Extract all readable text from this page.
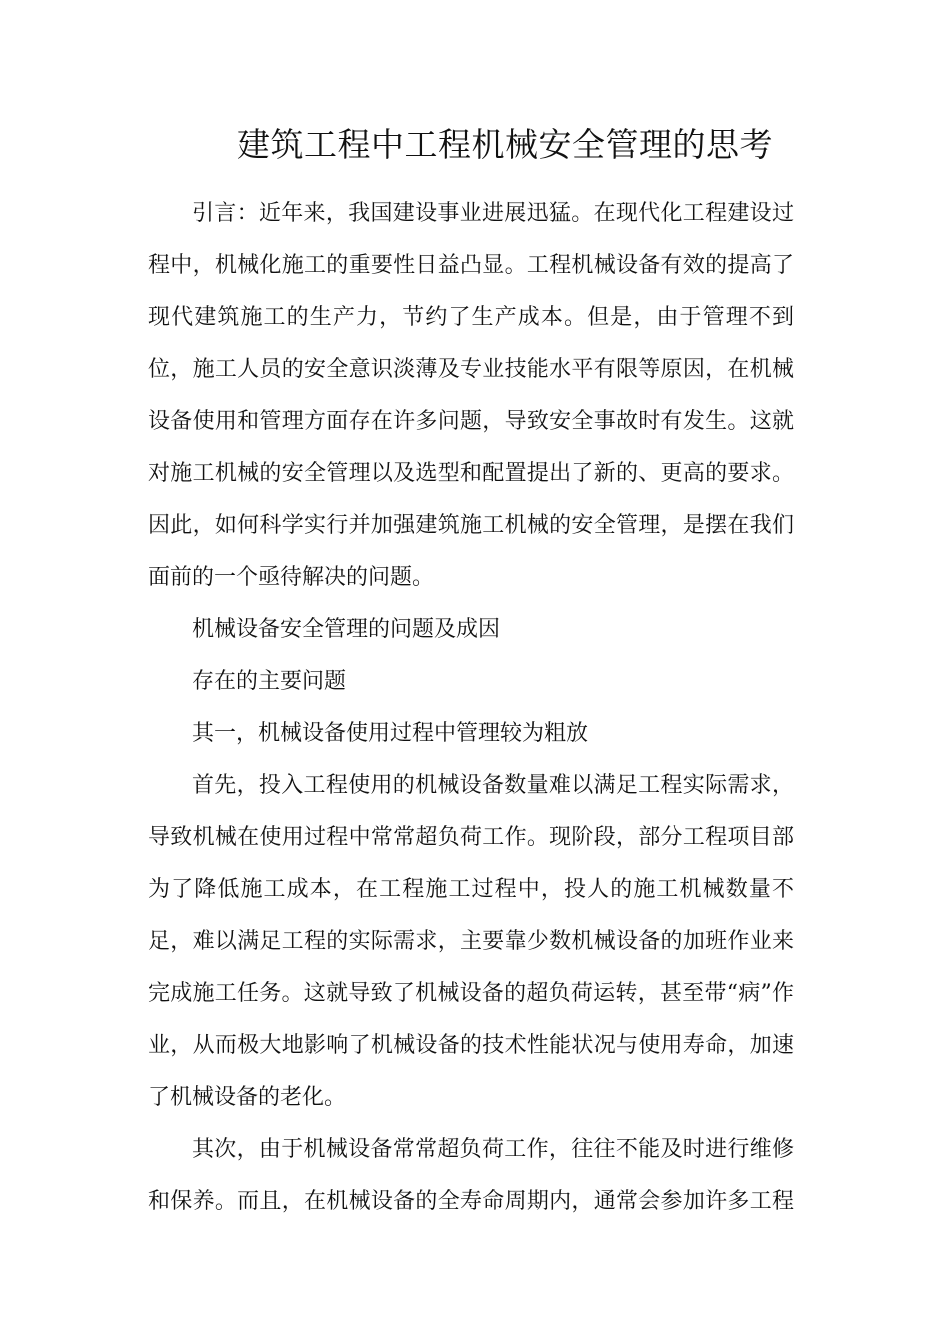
建筑工程中工程机械安全管理的思考
引言：近年来，我国建设事业进展迅猛。在现代化工程建设过
程中，机械化施工的重要性日益凸显。工程机械设备有效的提高了
现代建筑施工的生产力，节约了生产成本。但是，由于管理不到
位，施工人员的安全意识淡薄及专业技能水平有限等原因，在机械
设备使用和管理方面存在许多问题，导致安全事故时有发生。这就
对施工机械的安全管理以及选型和配置提出了新的、更高的要求。
因此，如何科学实行并加强建筑施工机械的安全管理，是摆在我们
面前的一个亟待解决的问题。
机械设备安全管理的问题及成因
存在的主要问题
其一，机械设备使用过程中管理较为粗放
首先，投入工程使用的机械设备数量难以满足工程实际需求，
导致机械在使用过程中常常超负荷工作。现阶段，部分工程项目部
为了降低施工成本，在工程施工过程中，投人的施工机械数量不
足，难以满足工程的实际需求，主要靠少数机械设备的加班作业来
完成施工任务。这就导致了机械设备的超负荷运转，甚至带“病”作
业，从而极大地影响了机械设备的技术性能状况与使用寿命，加速
了机械设备的老化。
其次，由于机械设备常常超负荷工作，往往不能及时进行维修
和保养。而且，在机械设备的全寿命周期内，通常会参加许多工程
